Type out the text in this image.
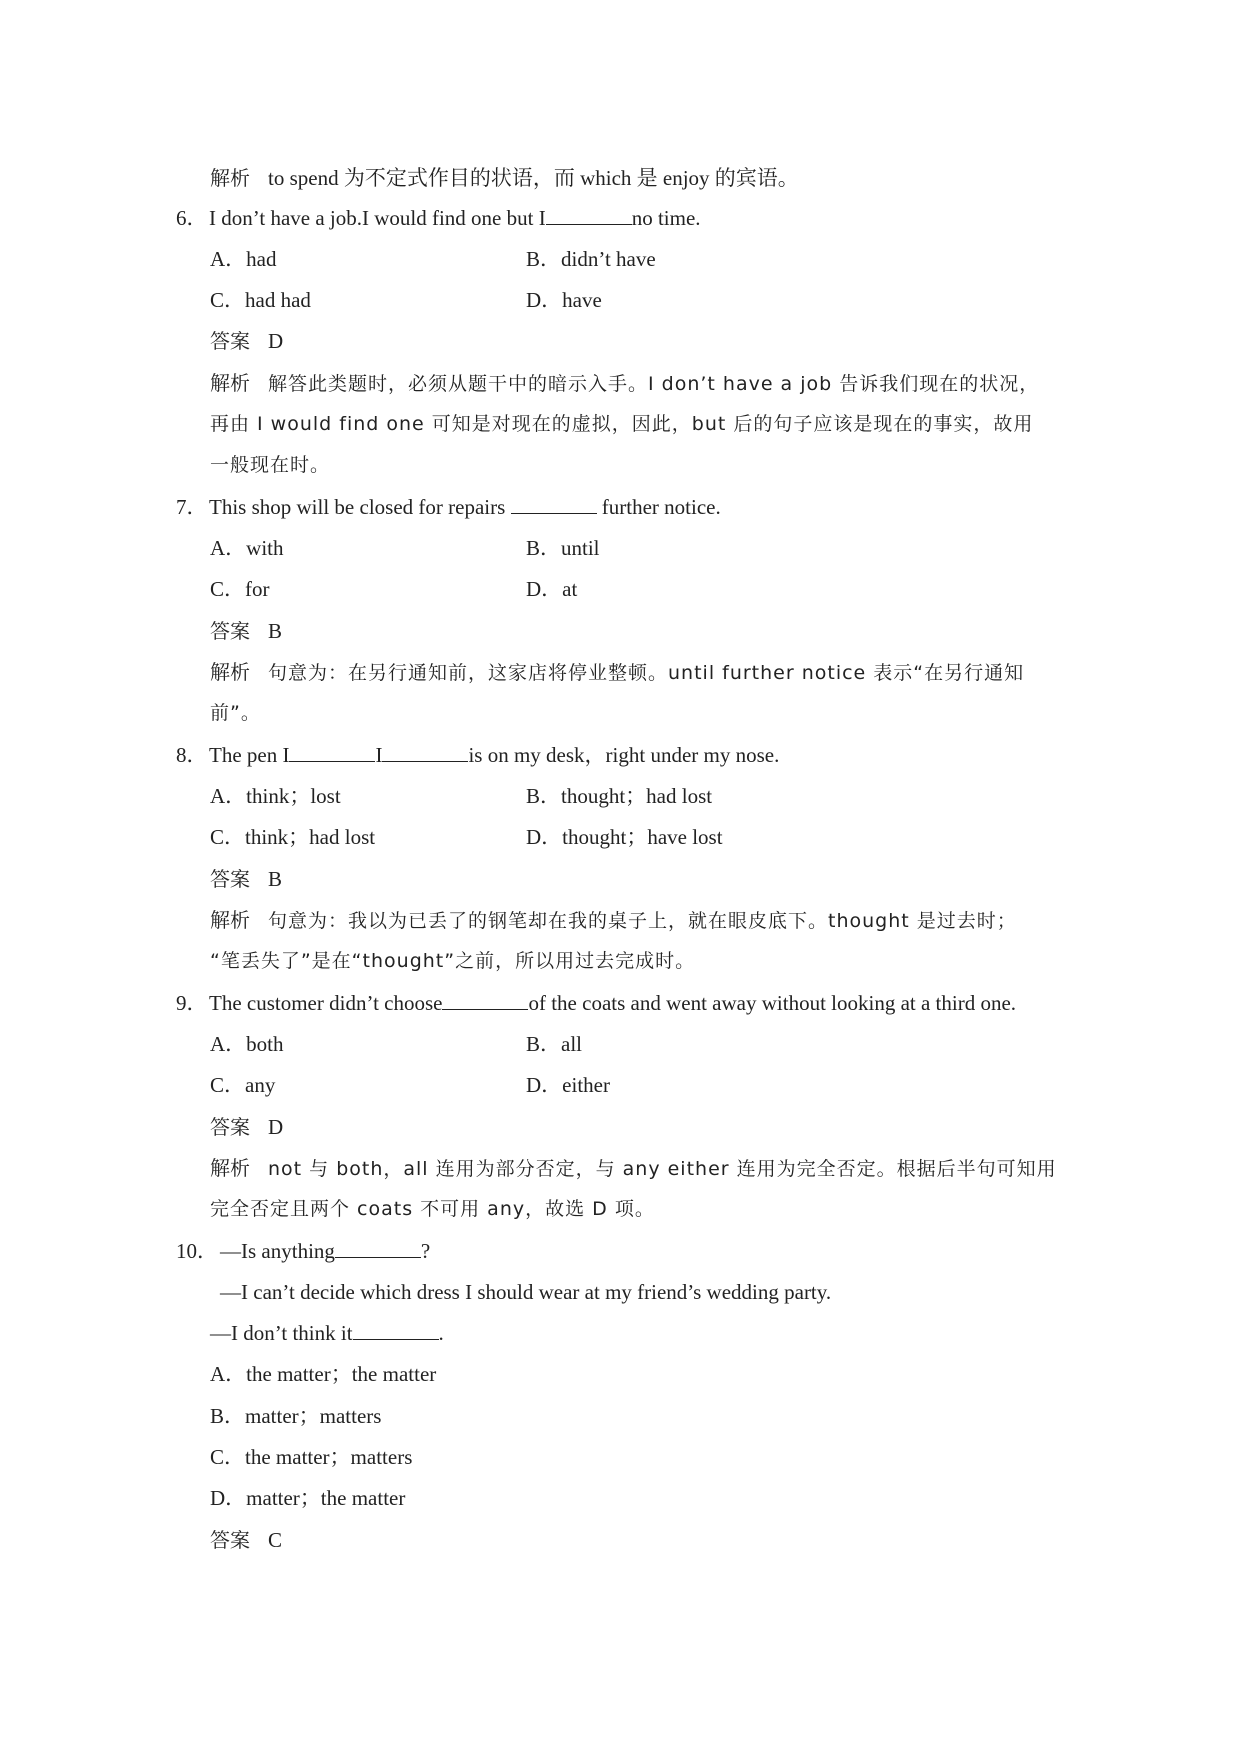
解析 to spend 为不定式作目的状语，而 which 是 enjoy 的宾语。
6．I don’t have a job.I would find one but I	no time.
A．had	B．didn’t have
C．had had	D．have
答案 D
解析 解答此类题时，必须从题干中的暗示入手。I don’t have a job 告诉我们现在的状况，
再由 I would find one 可知是对现在的虚拟，因此，but 后的句子应该是现在的事实，故用
一般现在时。
7．This shop will be closed for repairs	further notice.
A．with	B．until
C．for	D．at
答案 B
解析 句意为：在另行通知前，这家店将停业整顿。until further notice 表示“在另行通知
前”。
8．The pen I	I	is on my desk，right under my nose.
A．think；lost	B．thought；had lost
C．think；had lost	D．thought；have lost
答案 B
解析 句意为：我以为已丢了的钢笔却在我的桌子上，就在眼皮底下。thought 是过去时；
“笔丢失了”是在“thought”之前，所以用过去完成时。
9．The customer didn’t choose	of the coats and went away without looking at a third one.
A．both	B．all
C．any	D．either
答案 D
解析 not 与 both，all 连用为部分否定，与 any either 连用为完全否定。根据后半句可知用
完全否定且两个 coats 不可用 any，故选 D 项。
10．—Is anything	?
—I can’t decide which dress I should wear at my friend’s wedding party.
—I don’t think it	.
A．the matter；the matter
B．matter；matters
C．the matter；matters
D．matter；the matter
答案 C
